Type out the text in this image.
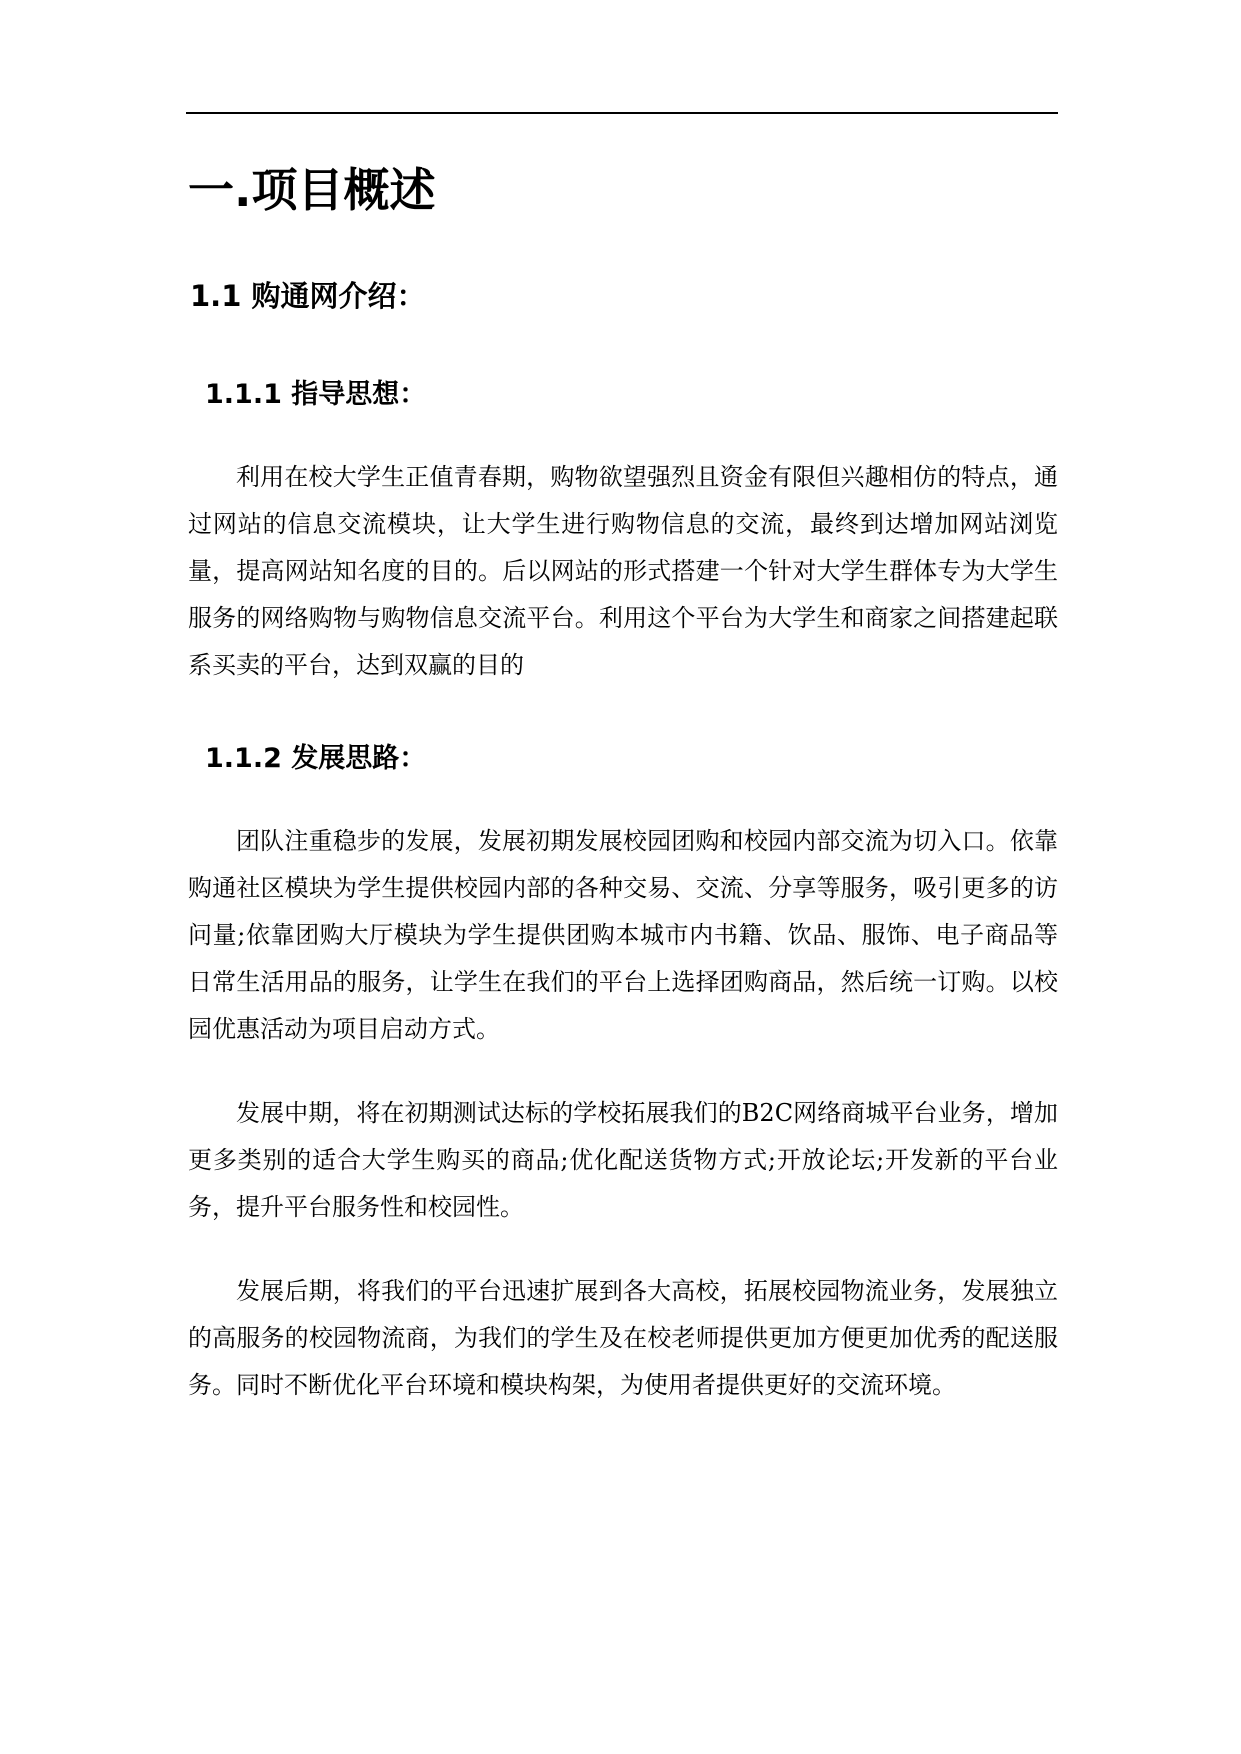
一.项目概述
1.1 购通网介绍：
1.1.1 指导思想：

利用在校大学生正值青春期，购物欲望强烈且资金有限但兴趣相仿的特点，通过网站的信息交流模块，让大学生进行购物信息的交流，最终到达增加网站浏览量，提高网站知名度的目的。后以网站的形式搭建一个针对大学生群体专为大学生服务的网络购物与购物信息交流平台。利用这个平台为大学生和商家之间搭建起联系买卖的平台，达到双赢的目的

1.1.2 发展思路：

团队注重稳步的发展，发展初期发展校园团购和校园内部交流为切入口。依靠购通社区模块为学生提供校园内部的各种交易、交流、分享等服务，吸引更多的访问量;依靠团购大厅模块为学生提供团购本城市内书籍、饮品、服饰、电子商品等日常生活用品的服务，让学生在我们的平台上选择团购商品，然后统一订购。以校园优惠活动为项目启动方式。

发展中期，将在初期测试达标的学校拓展我们的B2C网络商城平台业务，增加更多类别的适合大学生购买的商品;优化配送货物方式;开放论坛;开发新的平台业务，提升平台服务性和校园性。

发展后期，将我们的平台迅速扩展到各大高校，拓展校园物流业务，发展独立的高服务的校园物流商，为我们的学生及在校老师提供更加方便更加优秀的配送服务。同时不断优化平台环境和模块构架，为使用者提供更好的交流环境。
